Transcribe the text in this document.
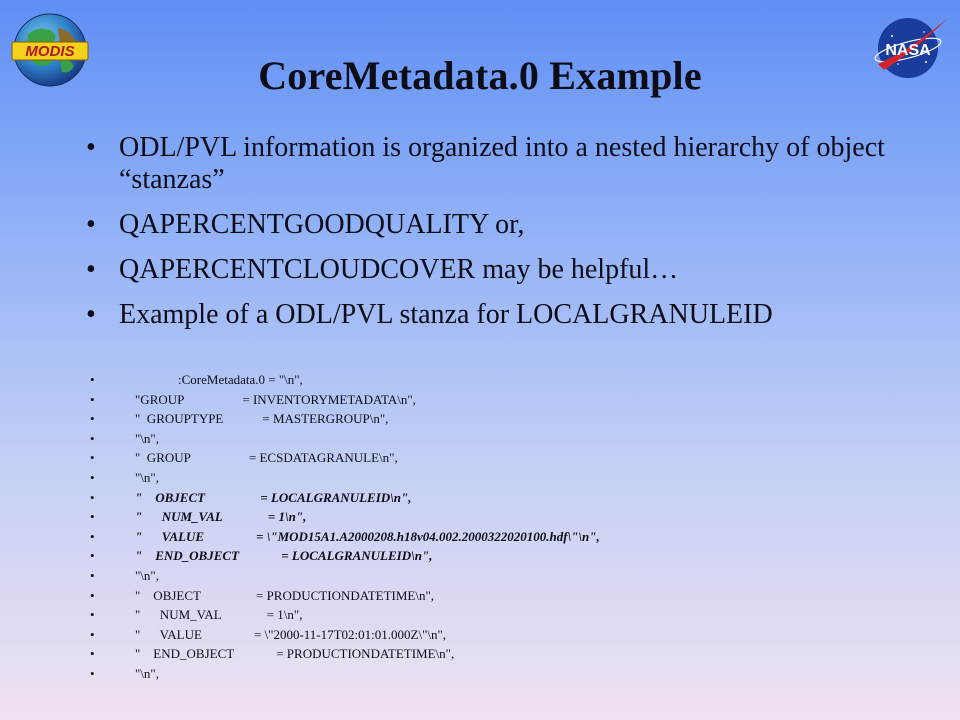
MODIS	NASA
CoreMetadata.0 Example
• ODL/PVL information is organized into a nested hierarchy of object “stanzas”
• QAPERCENTGOODQUALITY or,
• QAPERCENTCLOUDCOVER may be helpful…
• Example of a ODL/PVL stanza for LOCALGRANULEID
• :CoreMetadata.0 = "\n",
• "GROUP                  = INVENTORYMETADATA\n",
• "  GROUPTYPE            = MASTERGROUP\n",
• "\n",
• "  GROUP                  = ECSDATAGRANULE\n",
• "\n",
• "    OBJECT                 = LOCALGRANULEID\n",
• "      NUM_VAL              = 1\n",
• "      VALUE                = \"MOD15A1.A2000208.h18v04.002.2000322020100.hdf\"\n",
• "    END_OBJECT             = LOCALGRANULEID\n",
• "\n",
• "    OBJECT                 = PRODUCTIONDATETIME\n",
• "      NUM_VAL              = 1\n",
• "      VALUE                = \"2000-11-17T02:01:01.000Z\"\n",
• "    END_OBJECT             = PRODUCTIONDATETIME\n",
• "\n",
